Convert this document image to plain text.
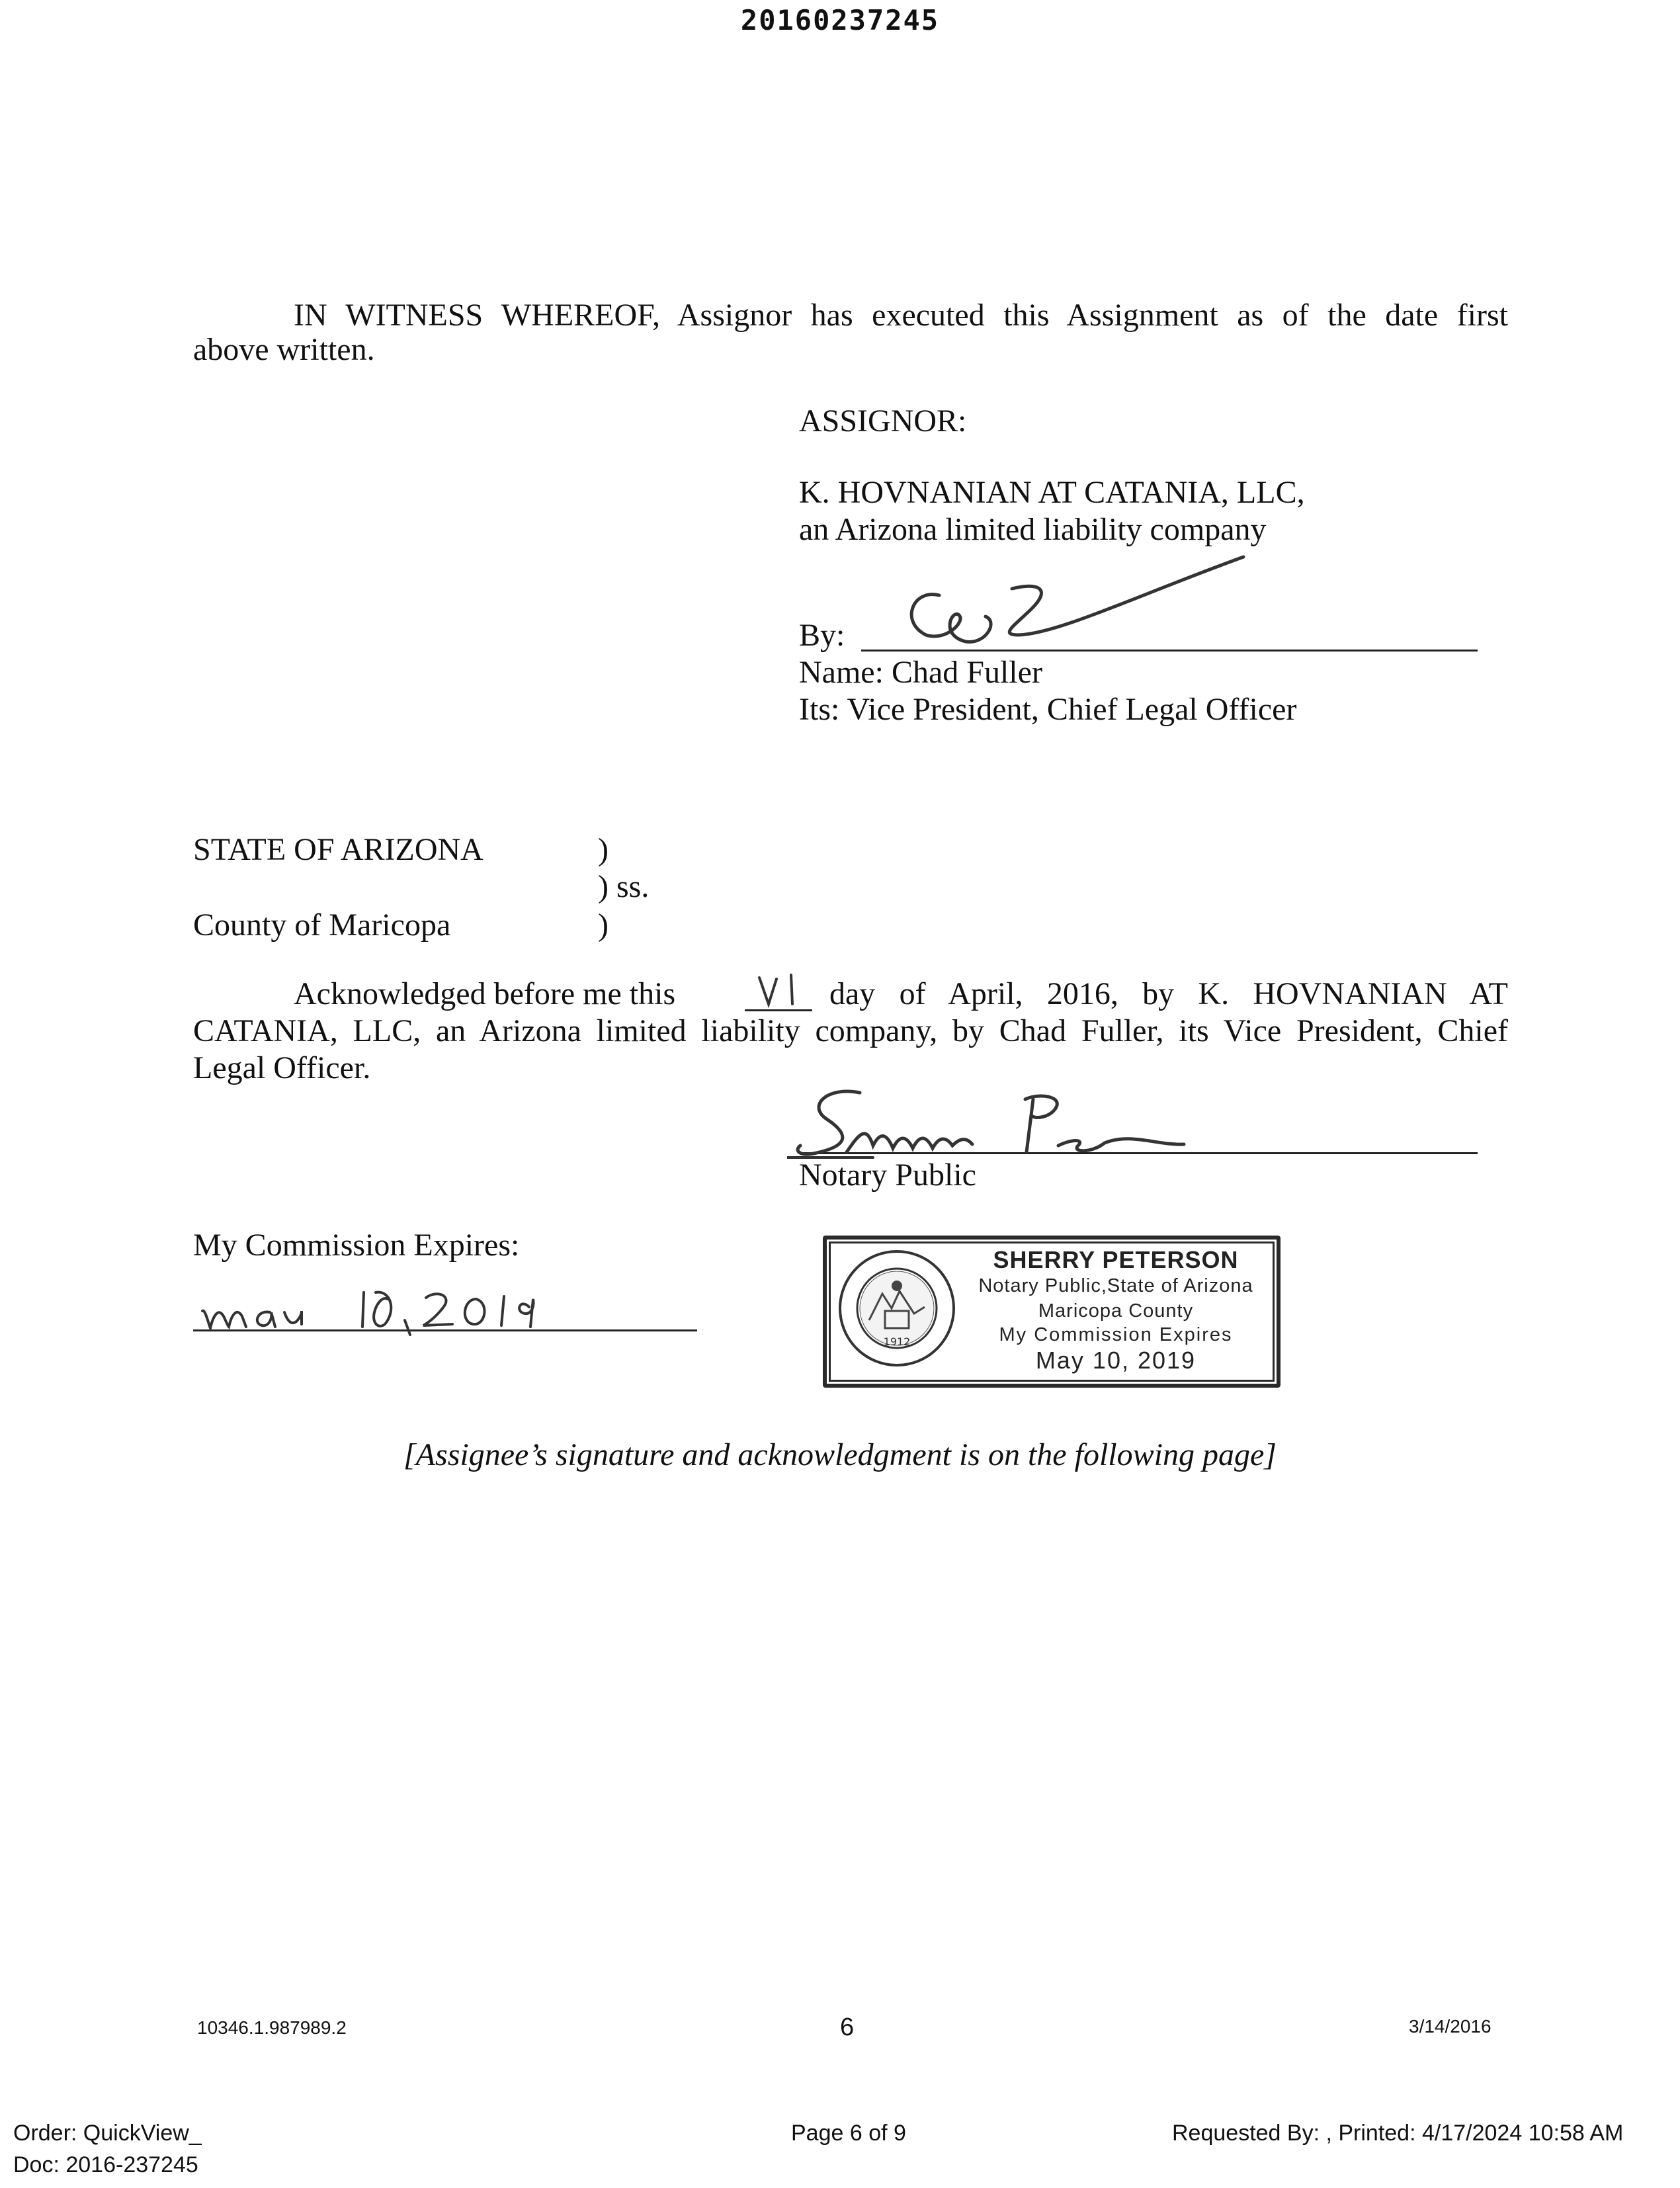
20160237245
IN WITNESS WHEREOF, Assignor has executed this Assignment as of the date first
above written.
ASSIGNOR:
K. HOVNANIAN AT CATANIA, LLC,
an Arizona limited liability company
By:
Name: Chad Fuller
Its: Vice President, Chief Legal Officer
STATE OF ARIZONA	)
) ss.
County of Maricopa	)
Acknowledged before me this	day of April, 2016, by K. HOVNANIAN AT
CATANIA, LLC, an Arizona limited liability company, by Chad Fuller, its Vice President, Chief
Legal Officer.
Notary Public
My Commission Expires:
1912
SHERRY PETERSON
Notary Public,State of Arizona
Maricopa County
My Commission Expires
May 10, 2019
[Assignee’s signature and acknowledgment is on the following page]
10346.1.987989.2	6	3/14/2016
Order: QuickView_
Doc: 2016-237245
Page 6 of 9	Requested By: , Printed: 4/17/2024 10:58 AM
